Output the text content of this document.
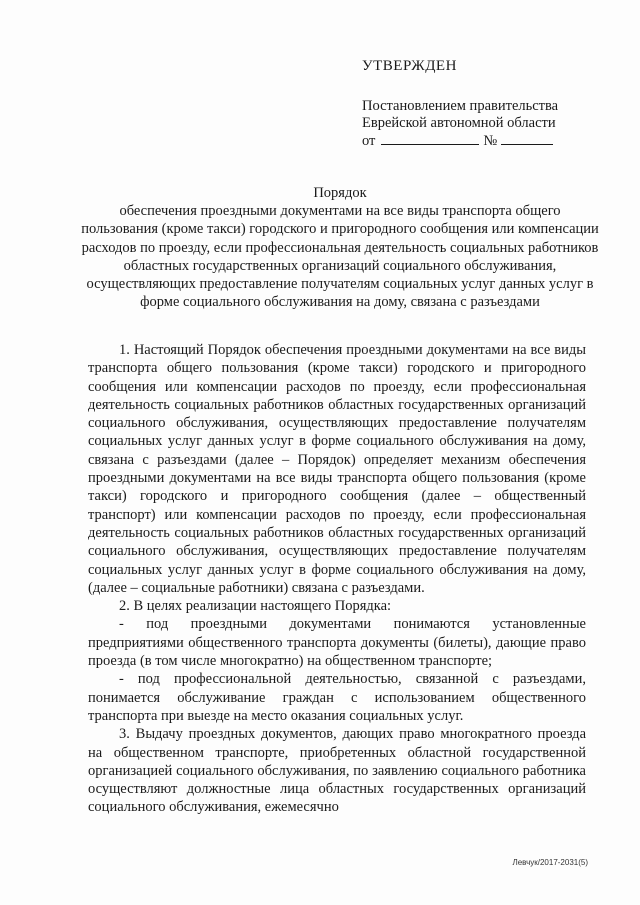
УТВЕРЖДЕН
Постановлением правительства
Еврейской автономной области
от	№
Порядок
обеспечения проездными документами на все виды транспорта общего пользования (кроме такси) городского и пригородного сообщения или компенсации расходов по проезду, если профессиональная деятельность социальных работников областных государственных организаций социального обслуживания, осуществляющих предоставление получателям социальных услуг данных услуг в форме социального обслуживания на дому, связана с разъездами

1. Настоящий Порядок обеспечения проездными документами на все виды транспорта общего пользования (кроме такси) городского и пригородного сообщения или компенсации расходов по проезду, если профессиональная деятельность социальных работников областных государственных организаций социального обслуживания, осуществляющих предоставление получателям социальных услуг данных услуг в форме социального обслуживания на дому, связана с разъездами (далее – Порядок) определяет механизм обеспечения проездными документами на все виды транспорта общего пользования (кроме такси) городского и пригородного сообщения (далее – общественный транспорт) или компенсации расходов по проезду, если профессиональная деятельность социальных работников областных государственных организаций социального обслуживания, осуществляющих предоставление получателям социальных услуг данных услуг в форме социального обслуживания на дому, (далее – социальные работники) связана с разъездами.

2. В целях реализации настоящего Порядка:

- под проездными документами понимаются установленные предприятиями общественного транспорта документы (билеты), дающие право проезда (в том числе многократно) на общественном транспорте;

- под профессиональной деятельностью, связанной с разъездами, понимается обслуживание граждан с использованием общественного транспорта при выезде на место оказания социальных услуг.

3. Выдачу проездных документов, дающих право многократного проезда на общественном транспорте, приобретенных областной государственной организацией социального обслуживания, по заявлению социального работника осуществляют должностные лица областных государственных организаций социального обслуживания, ежемесячно

Левчук/2017-2031(5)
